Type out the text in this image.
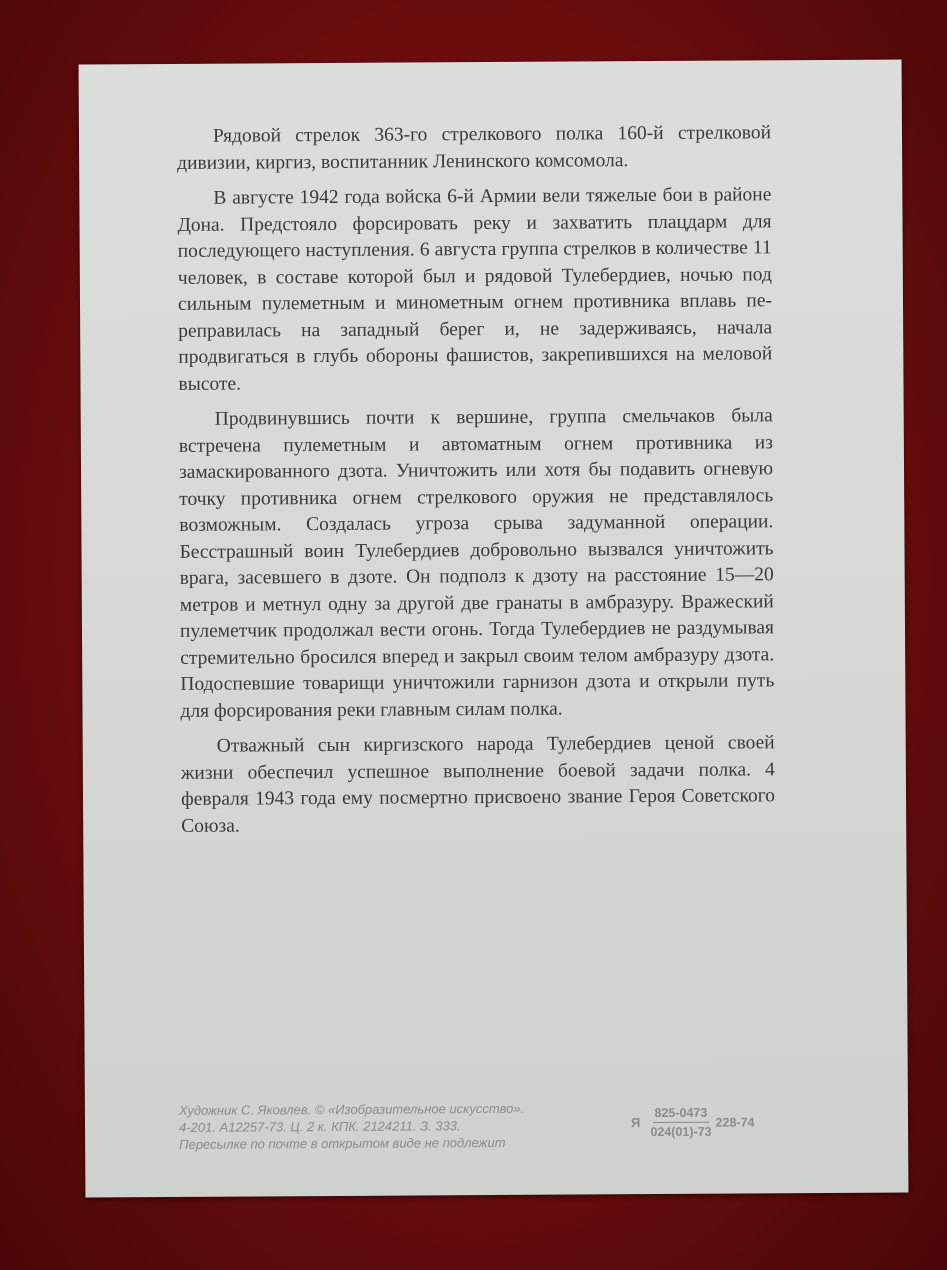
Рядовой стрелок 363-го стрелкового полка 160-й стрелковой дивизии, киргиз, воспитанник Ленинского комсомола.

В августе 1942 года войска 6-й Армии вели тяжелые бои в районе Дона. Предстояло форсировать реку и захватить плацдарм для последующего наступления. 6 августа группа стрелков в количестве 11 человек, в составе которой был и рядовой Тулебердиев, ночью под сильным пулеметным и минометным огнем противника вплавь переправилась на западный берег и, не задерживаясь, начала продвигаться в глубь обороны фашистов, закрепившихся на меловой высоте.

Продвинувшись почти к вершине, группа смельчаков была встречена пулеметным и автоматным огнем противника из замаскированного дзота. Уничтожить или хотя бы подавить огневую точку противника огнем стрелкового оружия не представлялось возможным. Создалась угроза срыва задуманной операции. Бесстрашный воин Тулебердиев добровольно вызвался уничтожить врага, засевшего в дзоте. Он подполз к дзоту на расстояние 15—20 метров и метнул одну за другой две гранаты в амбразуру. Вражеский пулеметчик продолжал вести огонь. Тогда Тулебердиев не раздумывая стремительно бросился вперед и закрыл своим телом амбразуру дзота. Подоспевшие товарищи уничтожили гарнизон дзота и открыли путь для форсирования реки главным силам полка.

Отважный сын киргизского народа Тулебердиев ценой своей жизни обеспечил успешное выполнение боевой задачи полка. 4 февраля 1943 года ему посмертно присвоено звание Героя Советского Союза.

Художник С. Яковлев. © «Изобразительное искусство».
4-201. А12257-73. Ц. 2 к. КПК. 2124211. З. 333.
Пересылке по почте в открытом виде не подлежит
Я $\frac{825-0473}{024(01)-73} 228-74$
